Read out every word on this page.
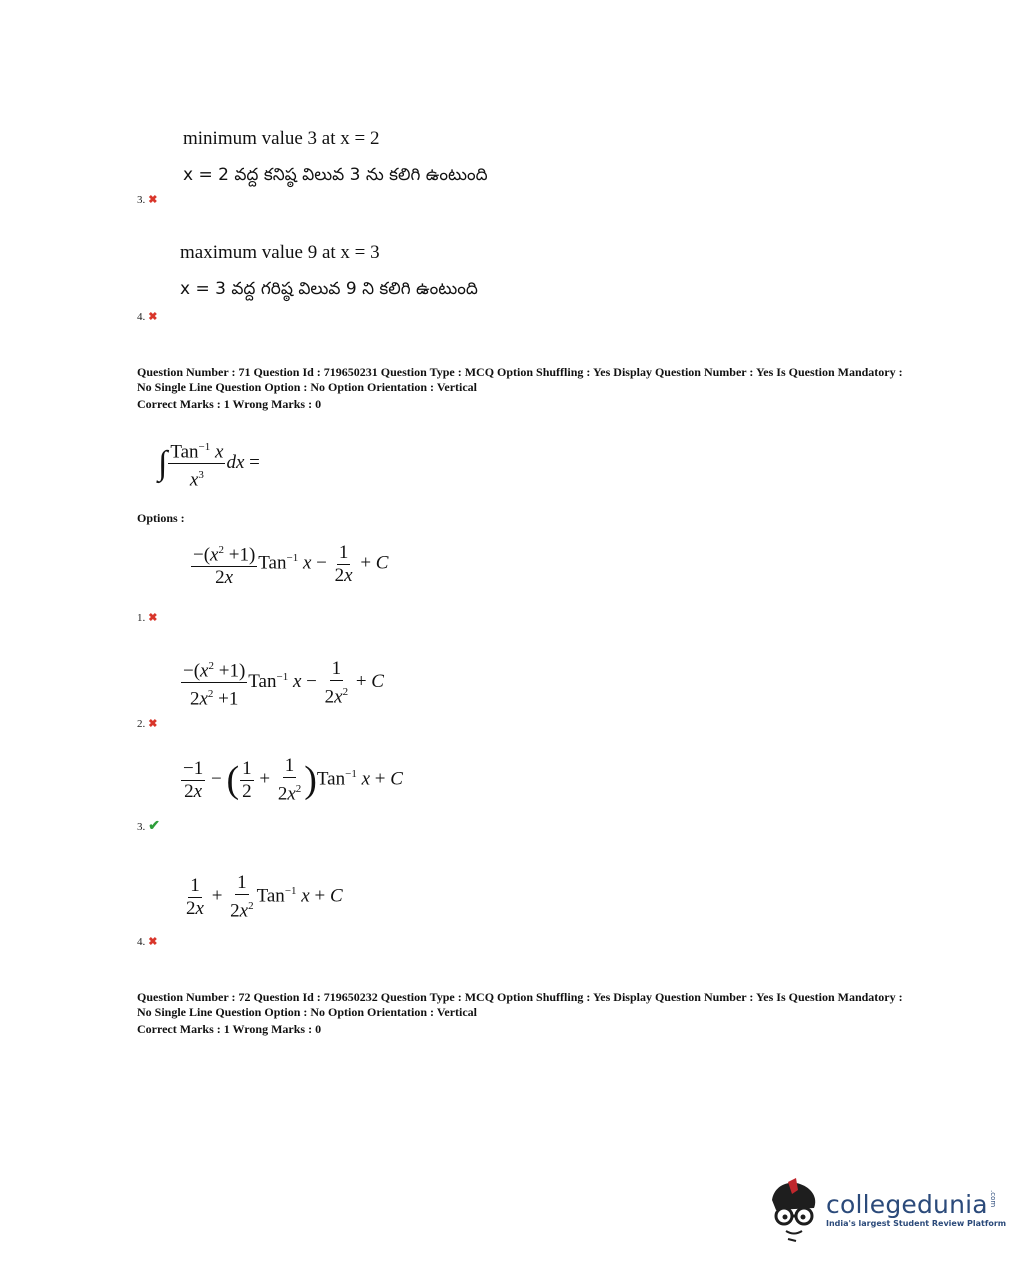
minimum value 3 at x = 2
x = 2 వద్ద కనిష్ఠ విలువ 3 ను కలిగి ఉంటుంది
3. ✖
maximum value 9 at x = 3
x = 3 వద్ద గరిష్ఠ విలువ 9 ని కలిగి ఉంటుంది
4. ✖
Question Number : 71 Question Id : 719650231 Question Type : MCQ Option Shuffling : Yes Display Question Number : Yes Is Question Mandatory : No Single Line Question Option : No Option Orientation : Vertical
Correct Marks : 1 Wrong Marks : 0
∫ $\frac{Tan^{-1} x}{x^3}$ dx =
Options :
$\frac{-(x^2 +1)}{2x} Tan^{-1}$ $x - \frac{1}{2x} + C$
1. ✖
$\frac{-(x^2 +1)}{2x^2 +1} Tan^{-1}$ $x - \frac{1}{2x^2} + C$
2. ✖
$\frac{-1}{2x}$ − ( $\frac{1}{2} + \frac{1}{2x^2} )Tan^{-1}$ x + C
3. ✔
$\frac{1}{2x} + \frac{1}{2x^2} Tan^{-1}$ x + C
4. ✖
Question Number : 72 Question Id : 719650232 Question Type : MCQ Option Shuffling : Yes Display Question Number : Yes Is Question Mandatory : No Single Line Question Option : No Option Orientation : Vertical
Correct Marks : 1 Wrong Marks : 0
collegedunia .com
India's largest Student Review Platform
